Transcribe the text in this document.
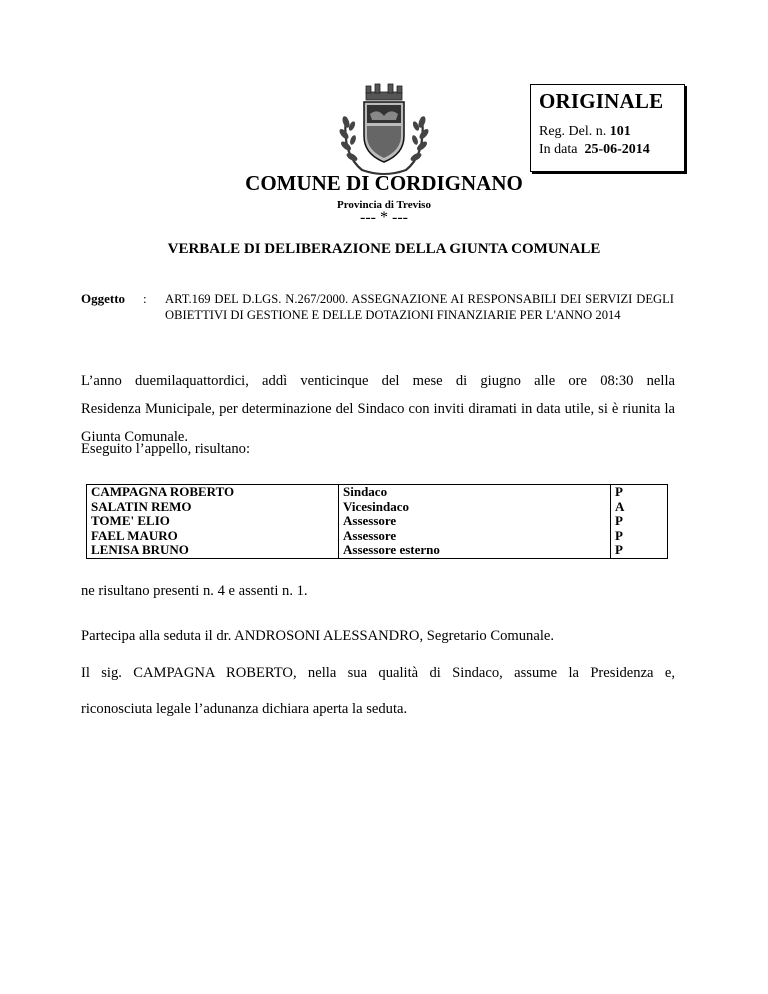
ORIGINALE
Reg. Del. n. 101
In data 25-06-2014
COMUNE DI CORDIGNANO
Provincia di Treviso
--- * ---
VERBALE DI DELIBERAZIONE DELLA GIUNTA COMUNALE
Oggetto : ART.169 DEL D.LGS. N.267/2000. ASSEGNAZIONE AI RESPONSABILI DEI SERVIZI DEGLI OBIETTIVI DI GESTIONE E DELLE DOTAZIONI FINANZIARIE PER L'ANNO 2014
L’anno duemilaquattordici, addì venticinque del mese di giugno alle ore 08:30 nella
Residenza Municipale, per determinazione del Sindaco con inviti diramati in data utile, si è riunita la Giunta Comunale.
Eseguito l’appello, risultano:
CAMPAGNA ROBERTO	Sindaco	P
SALATIN REMO	Vicesindaco	A
TOME' ELIO	Assessore	P
FAEL MAURO	Assessore	P
LENISA BRUNO	Assessore esterno	P
ne risultano presenti n. 4 e assenti n. 1.
Partecipa alla seduta il dr. ANDROSONI ALESSANDRO, Segretario Comunale.
Il sig. CAMPAGNA ROBERTO, nella sua qualità di Sindaco, assume la Presidenza e,
riconosciuta legale l’adunanza dichiara aperta la seduta.
